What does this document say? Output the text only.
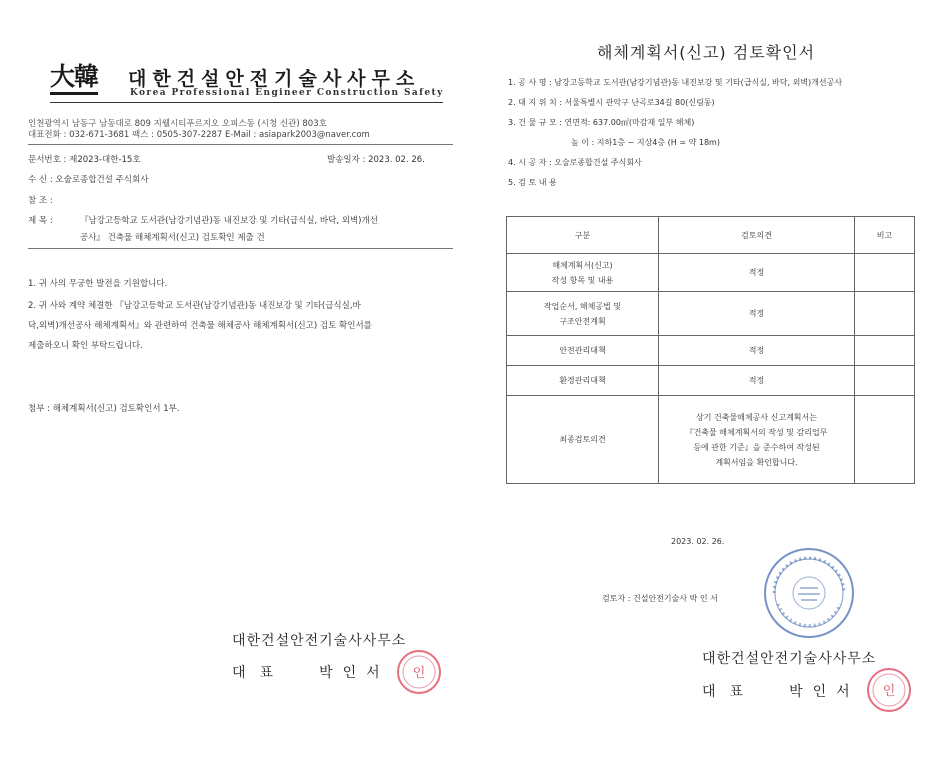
大韓 대한건설안전기술사사무소
Korea Professional Engineer Construction Safety
인천광역시 남동구 남동대로 809 지웰시티푸르지오 오피스동 (시청 신관) 803호
대표전화 : 032-671-3681 팩스 : 0505-307-2287 E-Mail : asiapark2003@naver.com
문서번호 : 제2023-대한-15호	발송일자 : 2023. 02. 26.
수 신 : 오술로종합건설 주식회사
참 조 :
제 목 :	『남강고등학교 도서관(남강기념관)동 내진보강 및 기타(급식실, 바닥, 외벽)개선
공사』 건축물 해체계획서(신고) 검토확인 제출 건
1. 귀 사의 무궁한 발전을 기원합니다.
2. 귀 사와 계약 체결한 『남강고등학교 도서관(남강기념관)동 내진보강 및 기타(급식실,바
닥,외벽)개선공사 해체계획서』와 관련하여 건축물 해체공사 해체계획서(신고) 검토 확인서를
제출하오니 확인 부탁드립니다.
첨부 : 해체계획서(신고) 검토확인서 1부.
대한건설안전기술사사무소
대표 박인서 인
해체계획서(신고) 검토확인서
1. 공 사 명 : 남강고등학교 도서관(남강기념관)동 내진보강 및 기타(급식실, 바닥, 외벽)개선공사
2. 대 지 위 치 : 서울특별시 관악구 난곡로34길 80(신림동)
3. 건 물 규 모 : 연면적: 637.00㎡(마감재 일부 해체)
높 이 : 지하1층 ~ 지상4층 (H = 약 18m)
4. 시 공 자 : 오술로종합건설 주식회사
5. 검 토 내 용
구분	검토의견	비고

해체계획서(신고)
작성 항목 및 내용	적정	

작업순서, 해체공법 및
구조안전계획	적정	
안전관리대책	적정	
환경관리대책	적정	
최종검토의견	상기 건축물해체공사 신고계획서는
『건축물 해체계획서의 작성 및 감리업무
등에 관한 기준』을 준수하여 작성된
계획서임을 확인합니다.	

2023. 02. 26.
검토자 : 건설안전기술사 박 인 서
대한건설안전기술사사무소
대표 박인서 인
